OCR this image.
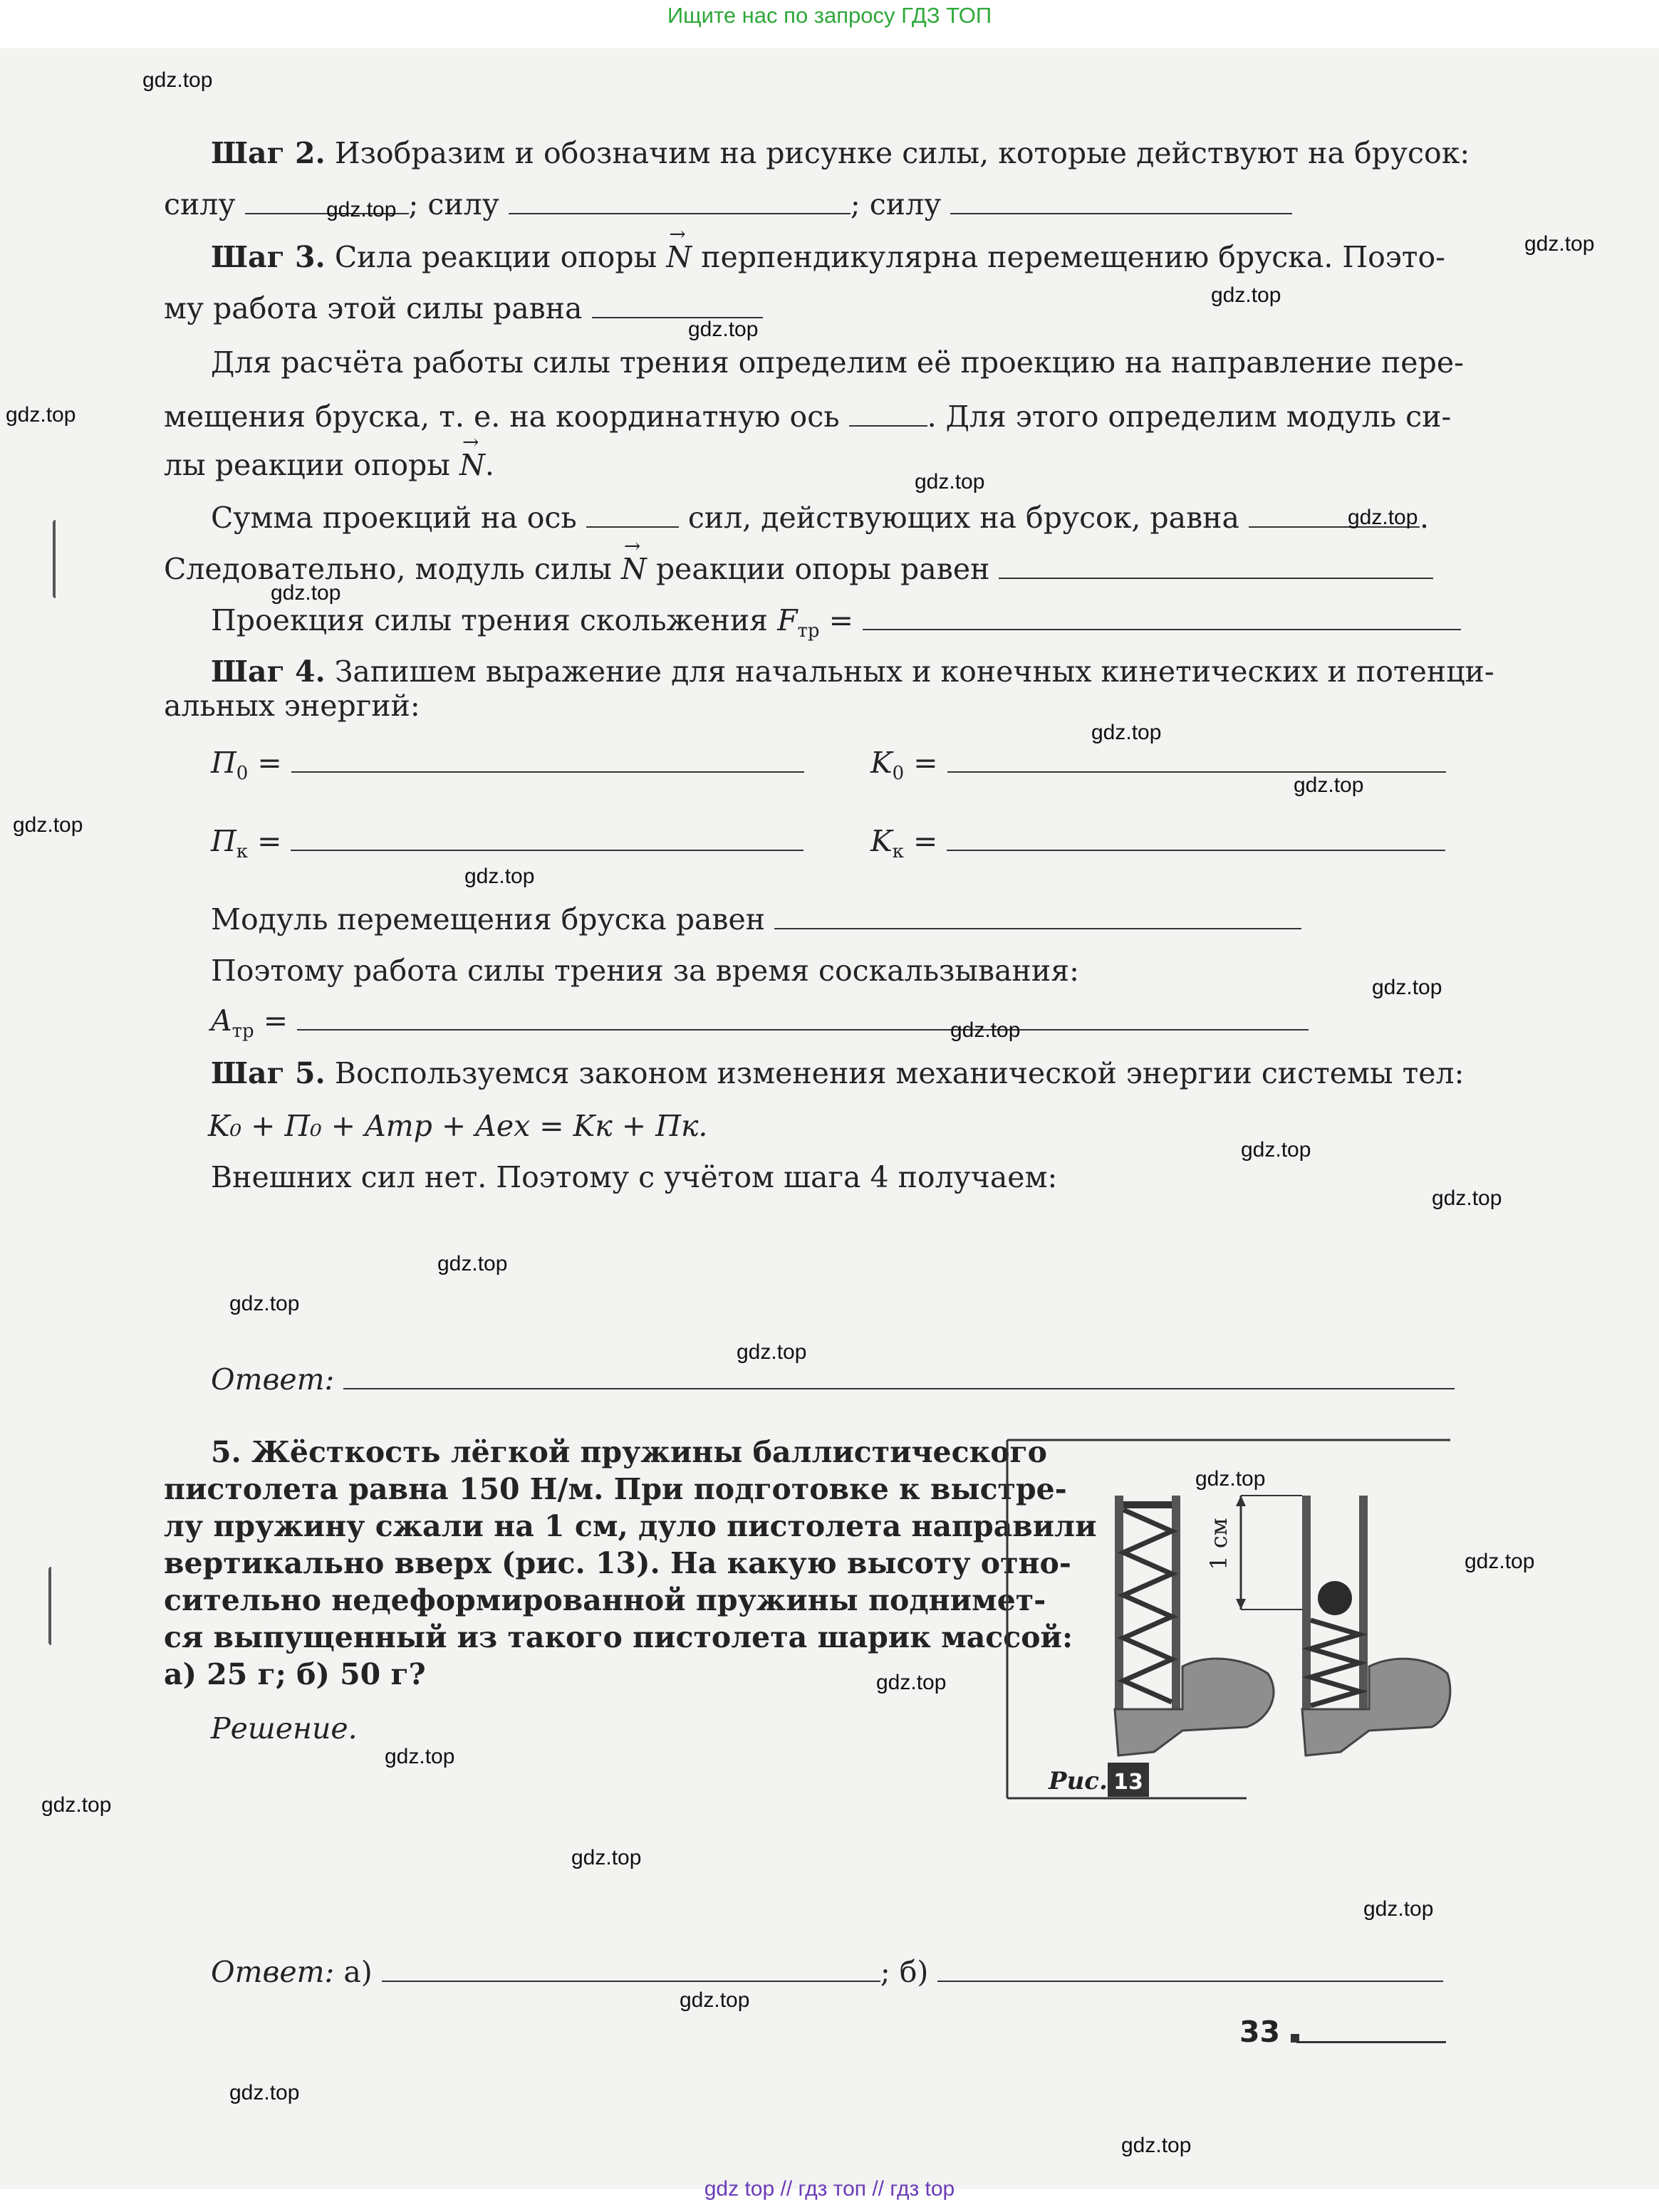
Ищите нас по запросу ГДЗ ТОП
Шаг 2. Изобразим и обозначим на рисунке силы, которые действуют на брусок:
силу	; силу	; силу
Шаг 3. Сила реакции опоры → N перпендикулярна перемещению бруска. Поэто-
му работа этой силы равна
Для расчёта работы силы трения определим её проекцию на направление пере-
мещения бруска, т. е. на координатную ось	. Для этого определим модуль си-
лы реакции опоры → N.
Сумма проекций на ось	сил, действующих на брусок, равна	.
Следовательно, модуль силы → N реакции опоры равен
Проекция силы трения скольжения $F_{тр}$ =
Шаг 4. Запишем выражение для начальных и конечных кинетических и потенци-
альных энергий:
$П_0$ =	$K_0$ =
$П_к$ =	$K_к$ =
Модуль перемещения бруска равен
Поэтому работа силы трения за время соскальзывания:
$A_{тр}$ =
Шаг 5. Воспользуемся законом изменения механической энергии системы тел:
K₀ + П₀ + Aтр + Aex = Kк + Пк.
Внешних сил нет. Поэтому с учётом шага 4 получаем:
Ответ:
5. Жёсткость лёгкой пружины баллистического
пистолета равна 150 Н/м. При подготовке к выстре-
лу пружину сжали на 1 см, дуло пистолета направили
вертикально вверх (рис. 13). На какую высоту отно-
сительно недеформированной пружины поднимет-
ся выпущенный из такого пистолета шарик массой:
а) 25 г; б) 50 г?
Решение.
1 см
Рис. 13
Ответ: а)	; б)
33
gdz.top
gdz.top
gdz.top
gdz.top
gdz.top
gdz.top
gdz.top
gdz.top
gdz.top
gdz.top
gdz.top
gdz.top
gdz.top
gdz.top
gdz.top
gdz.top
gdz.top
gdz.top
gdz.top
gdz.top
gdz.top
gdz.top
gdz.top
gdz.top
gdz.top
gdz.top
gdz.top
gdz.top
gdz.top
gdz.top
gdz top // гдз топ // гдз top
